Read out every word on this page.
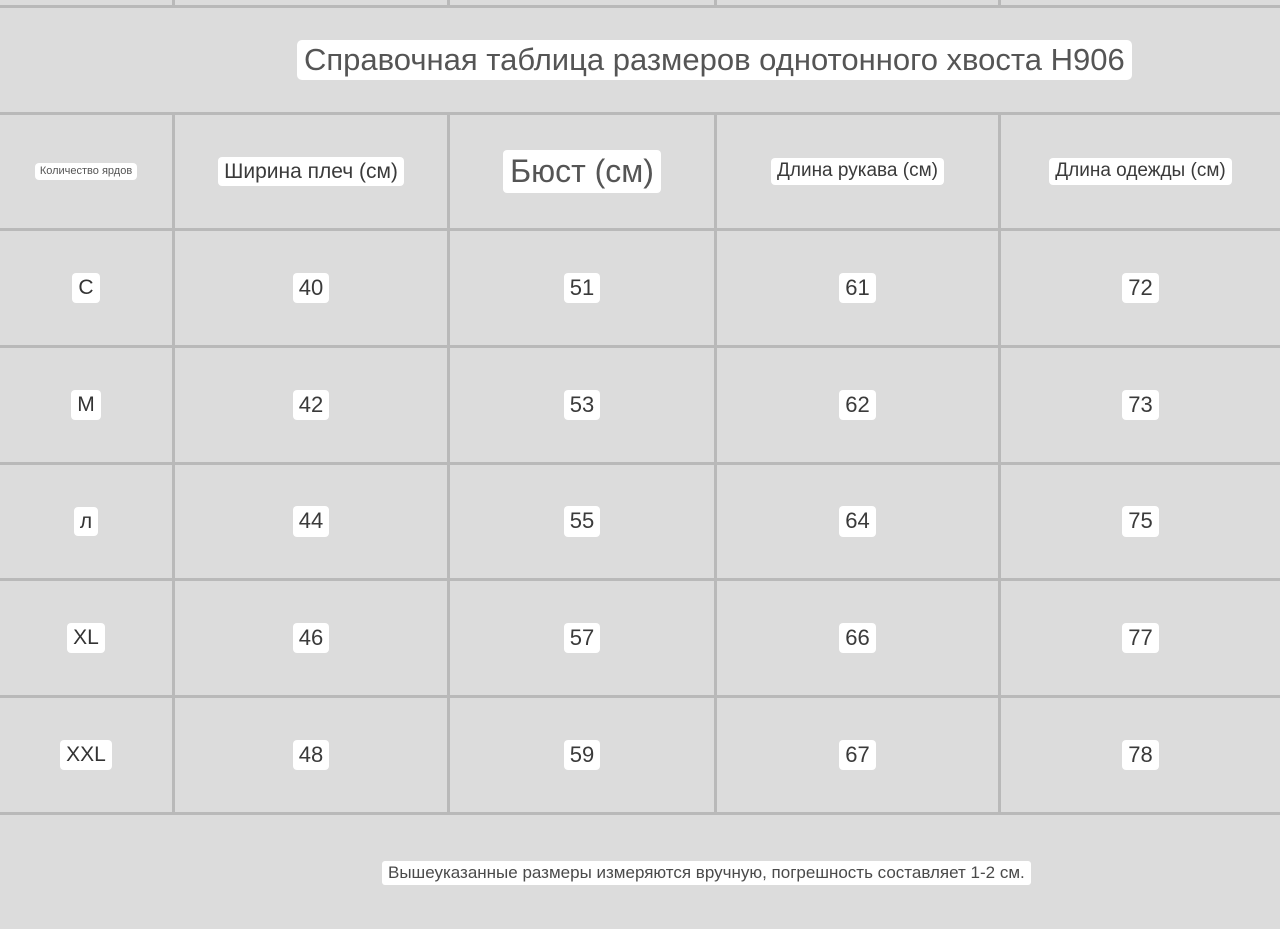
Справочная таблица размеров однотонного хвоста H906
Количество ярдов	Ширина плеч (см)	Бюст (см)	Длина рукава (см)	Длина одежды (см)
С	40	51	61	72
M	42	53	62	73
л	44	55	64	75
XL	46	57	66	77
XXL	48	59	67	78
Вышеуказанные размеры измеряются вручную, погрешность составляет 1-2 см.
